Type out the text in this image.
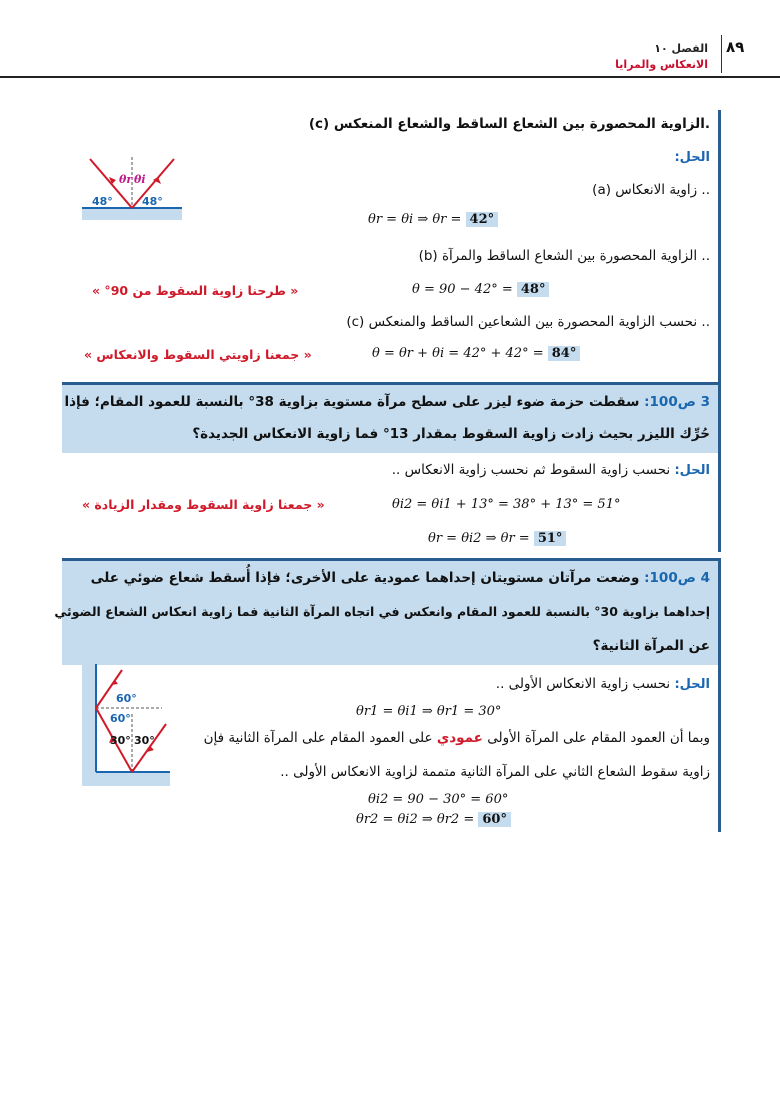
٨٩
الفصل ١٠
الانعكاس والمرايا
(c) الزاوية المحصورة بين الشعاع الساقط والشعاع المنعكس.
الحل:
(a) زاوية الانعكاس ..
θr = θi ⇒ θr = 42°
(b) الزاوية المحصورة بين الشعاع الساقط والمرآة ..
θ = 90 − 42° = 48°
« طرحنا زاوية السقوط من 90° »
(c) نحسب الزاوية المحصورة بين الشعاعين الساقط والمنعكس ..
θ = θr + θi = 42° + 42° = 84°
« جمعنا زاويتي السقوط والانعكاس »
θr θi
48°	48°
3 ص100: سقطت حزمة ضوء ليزر على سطح مرآة مستوية بزاوية 38° بالنسبة للعمود المقام؛ فإذا
حُرِّك الليزر بحيث زادت زاوية السقوط بمقدار 13° فما زاوية الانعكاس الجديدة؟
الحل: نحسب زاوية السقوط ثم نحسب زاوية الانعكاس ..
θi2 = θi1 + 13° = 38° + 13° = 51°
« جمعنا زاوية السقوط ومقدار الزيادة »
θr = θi2 ⇒ θr = 51°
4 ص100: وضعت مرآتان مستويتان إحداهما عمودية على الأخرى؛ فإذا أُسقط شعاع ضوئي على
إحداهما بزاوية 30° بالنسبة للعمود المقام وانعكس في اتجاه المرآة الثانية فما زاوية انعكاس الشعاع الضوئي
عن المرآة الثانية؟
الحل: نحسب زاوية الانعكاس الأولى ..
θr1 = θi1 ⇒ θr1 = 30°
وبما أن العمود المقام على المرآة الأولى عمودي على العمود المقام على المرآة الثانية فإن
زاوية سقوط الشعاع الثاني على المرآة الثانية متممة لزاوية الانعكاس الأولى ..
θi2 = 90 − 30° = 60°
θr2 = θi2 ⇒ θr2 = 60°
60°
60°
30° 30°
